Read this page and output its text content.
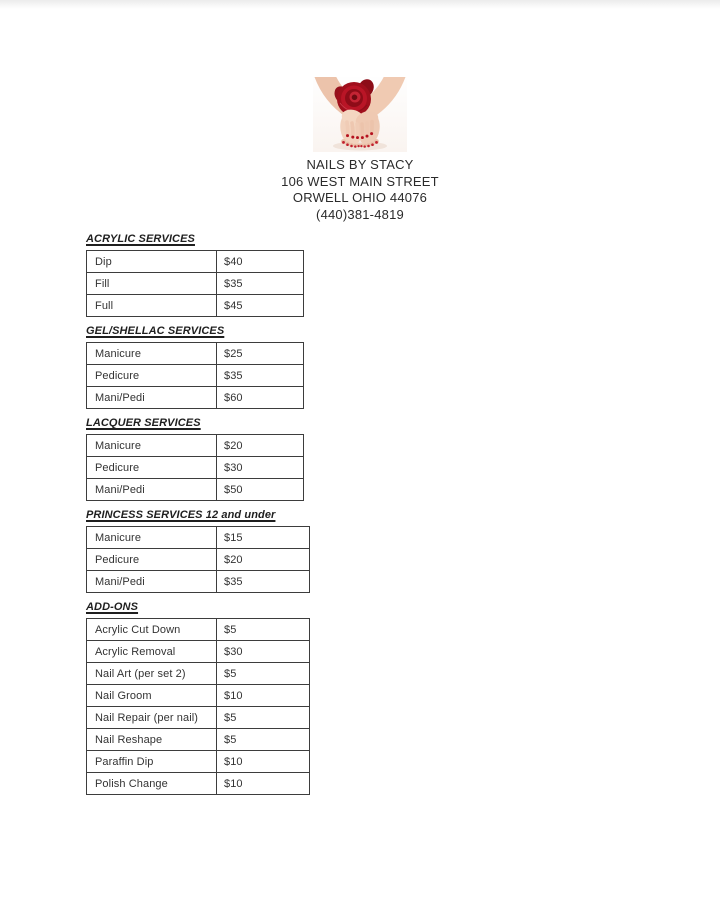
NAILS BY STACY
106 WEST MAIN STREET
ORWELL OHIO 44076
(440)381-4819
ACRYLIC SERVICES
Dip	$40
Fill	$35
Full	$45
GEL/SHELLAC SERVICES
Manicure	$25
Pedicure	$35
Mani/Pedi	$60
LACQUER SERVICES
Manicure	$20
Pedicure	$30
Mani/Pedi	$50
PRINCESS SERVICES 12 and under
Manicure	$15
Pedicure	$20
Mani/Pedi	$35
ADD-ONS
Acrylic Cut Down	$5
Acrylic Removal	$30
Nail Art (per set 2)	$5
Nail Groom	$10
Nail Repair (per nail)	$5
Nail Reshape	$5
Paraffin Dip	$10
Polish Change	$10
